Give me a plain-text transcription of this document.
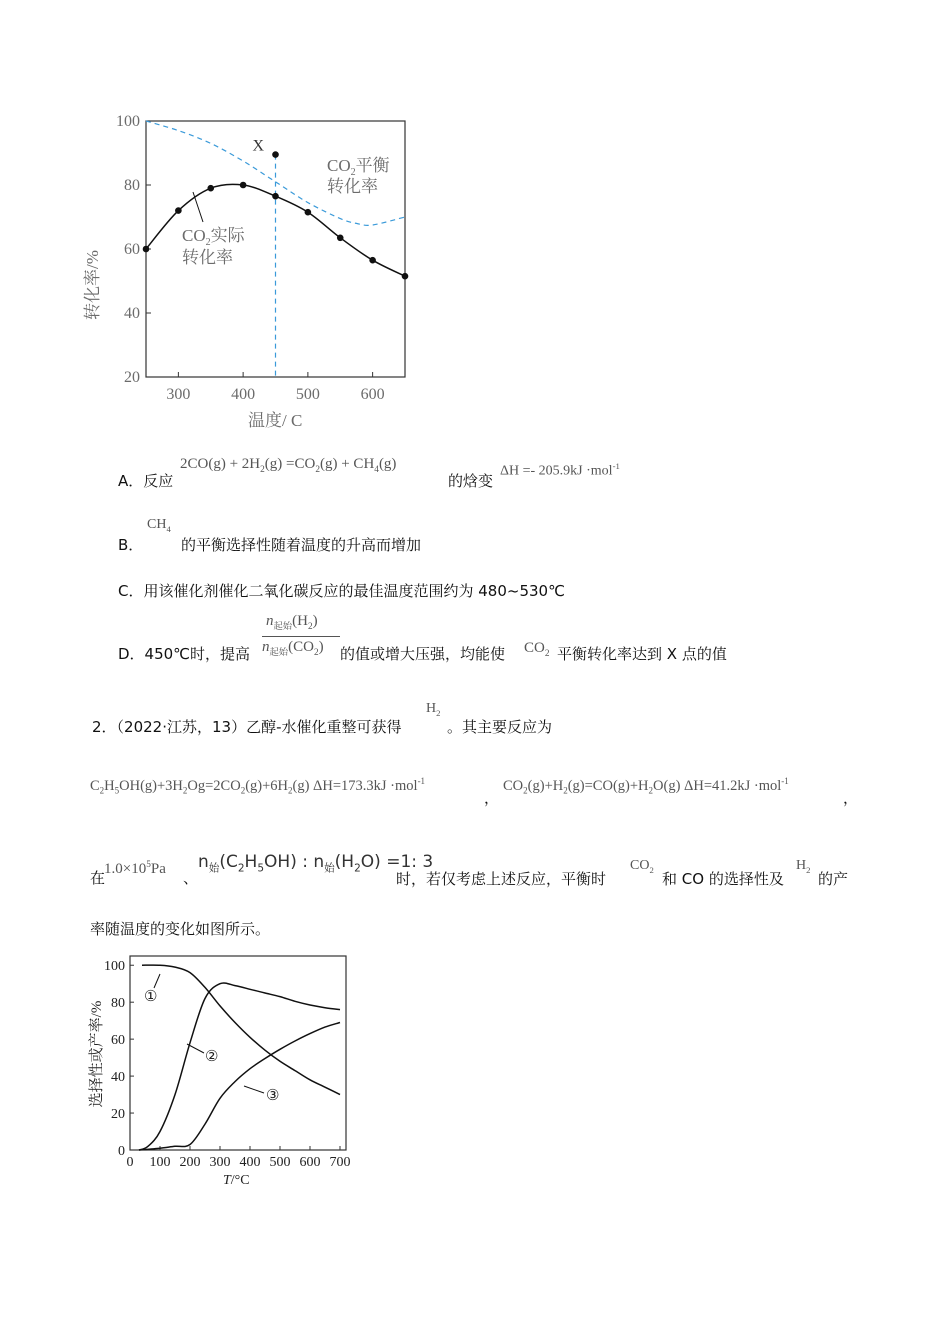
20
40
60
80
100
300	400	500	600
X
$CO_2$平衡
转化率
$CO_2$实际
转化率
温度/ C
转化率/%
A．反应
$2CO(g) + 2H_2(g) =CO_2(g) + CH_4(g)$
的焓变
ΔH =- 205.9kJ ·mol$^{-1}$
B．
$CH_4$
的平衡选择性随着温度的升高而增加
C．用该催化剂催化二氧化碳反应的最佳温度范围约为 480~530℃
D．450℃时，提高
$n_{起始}(H_2)$
$n_{起始}(CO_2)$ 的值或增大压强，均能使 $CO_2$ 平衡转化率达到 X 点的值
2．（2022·江苏，13）乙醇-水催化重整可获得
$H_2$
。其主要反应为
$C_2H_5OH(g)+3H_2Og=2CO_2(g)+6H_2(g)$ ΔH=173.3kJ ·mol$^{-1}$
，
$CO_2(g)+H_2(g)=CO(g)+H_2O(g)$ ΔH=41.2kJ ·mol$^{-1}$
，
在
$1.0\times 10^5Pa$ 、
$n_始(C_2H_5OH)$ : $n_始(H_2O) =1$: 3
时，若仅考虑上述反应，平衡时
$CO_2$
和 CO 的选择性及
$H_2$
的产
率随温度的变化如图所示。
0
20
40
60
80
100
0 100 200 300 400 500 600 700
①
②
③
T/°C
选择性或产率/%
